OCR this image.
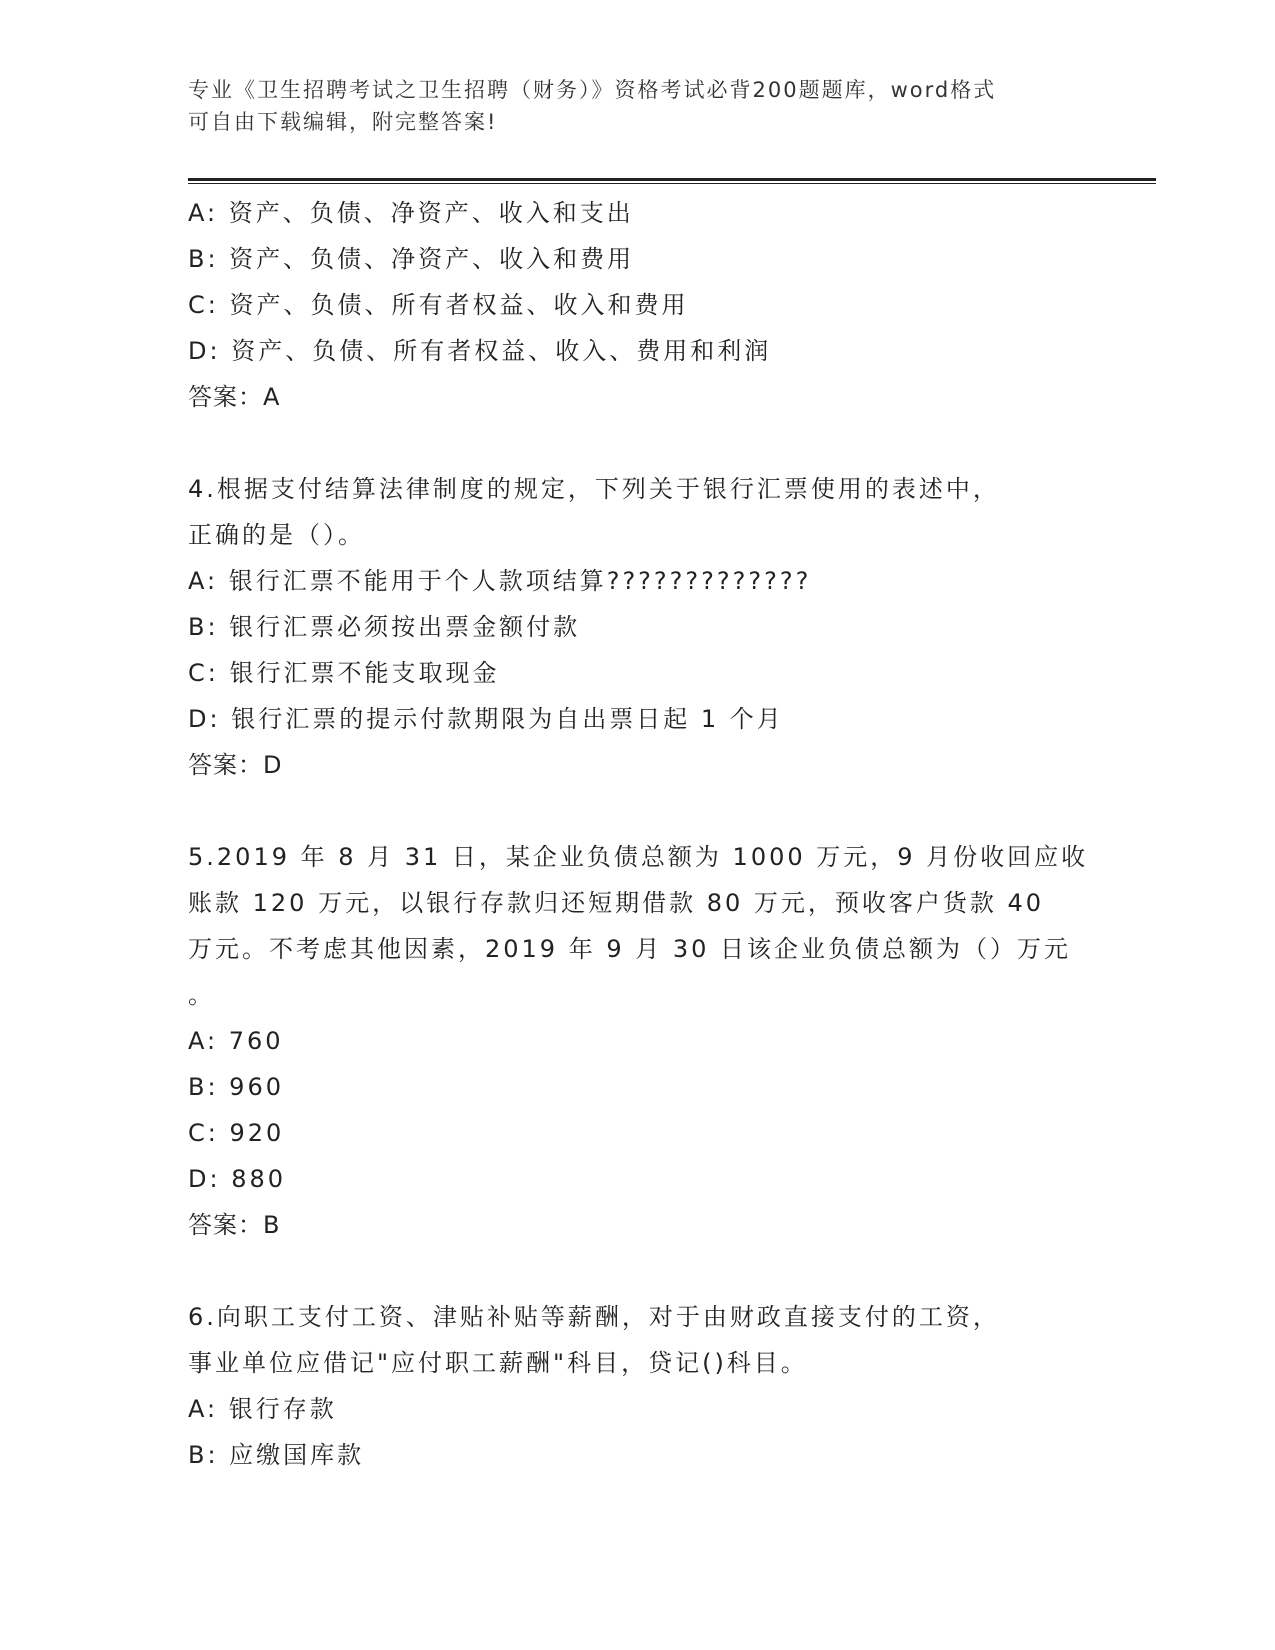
专业《卫生招聘考试之卫生招聘（财务）》资格考试必背200题题库，word格式
可自由下载编辑，附完整答案!
A: 资产、负债、净资产、收入和支出
B: 资产、负债、净资产、收入和费用
C: 资产、负债、所有者权益、收入和费用
D: 资产、负债、所有者权益、收入、费用和利润
答案：A
4.根据支付结算法律制度的规定，下列关于银行汇票使用的表述中，
正确的是（）。
A: 银行汇票不能用于个人款项结算?????????????
B: 银行汇票必须按出票金额付款
C: 银行汇票不能支取现金
D: 银行汇票的提示付款期限为自出票日起 1 个月
答案：D
5.2019 年 8 月 31 日，某企业负债总额为 1000 万元，9 月份收回应收
账款 120 万元，以银行存款归还短期借款 80 万元，预收客户货款 40
万元。不考虑其他因素，2019 年 9 月 30 日该企业负债总额为（）万元
。
A: 760
B: 960
C: 920
D: 880
答案：B
6.向职工支付工资、津贴补贴等薪酬，对于由财政直接支付的工资，
事业单位应借记"应付职工薪酬"科目，贷记()科目。
A: 银行存款
B: 应缴国库款
